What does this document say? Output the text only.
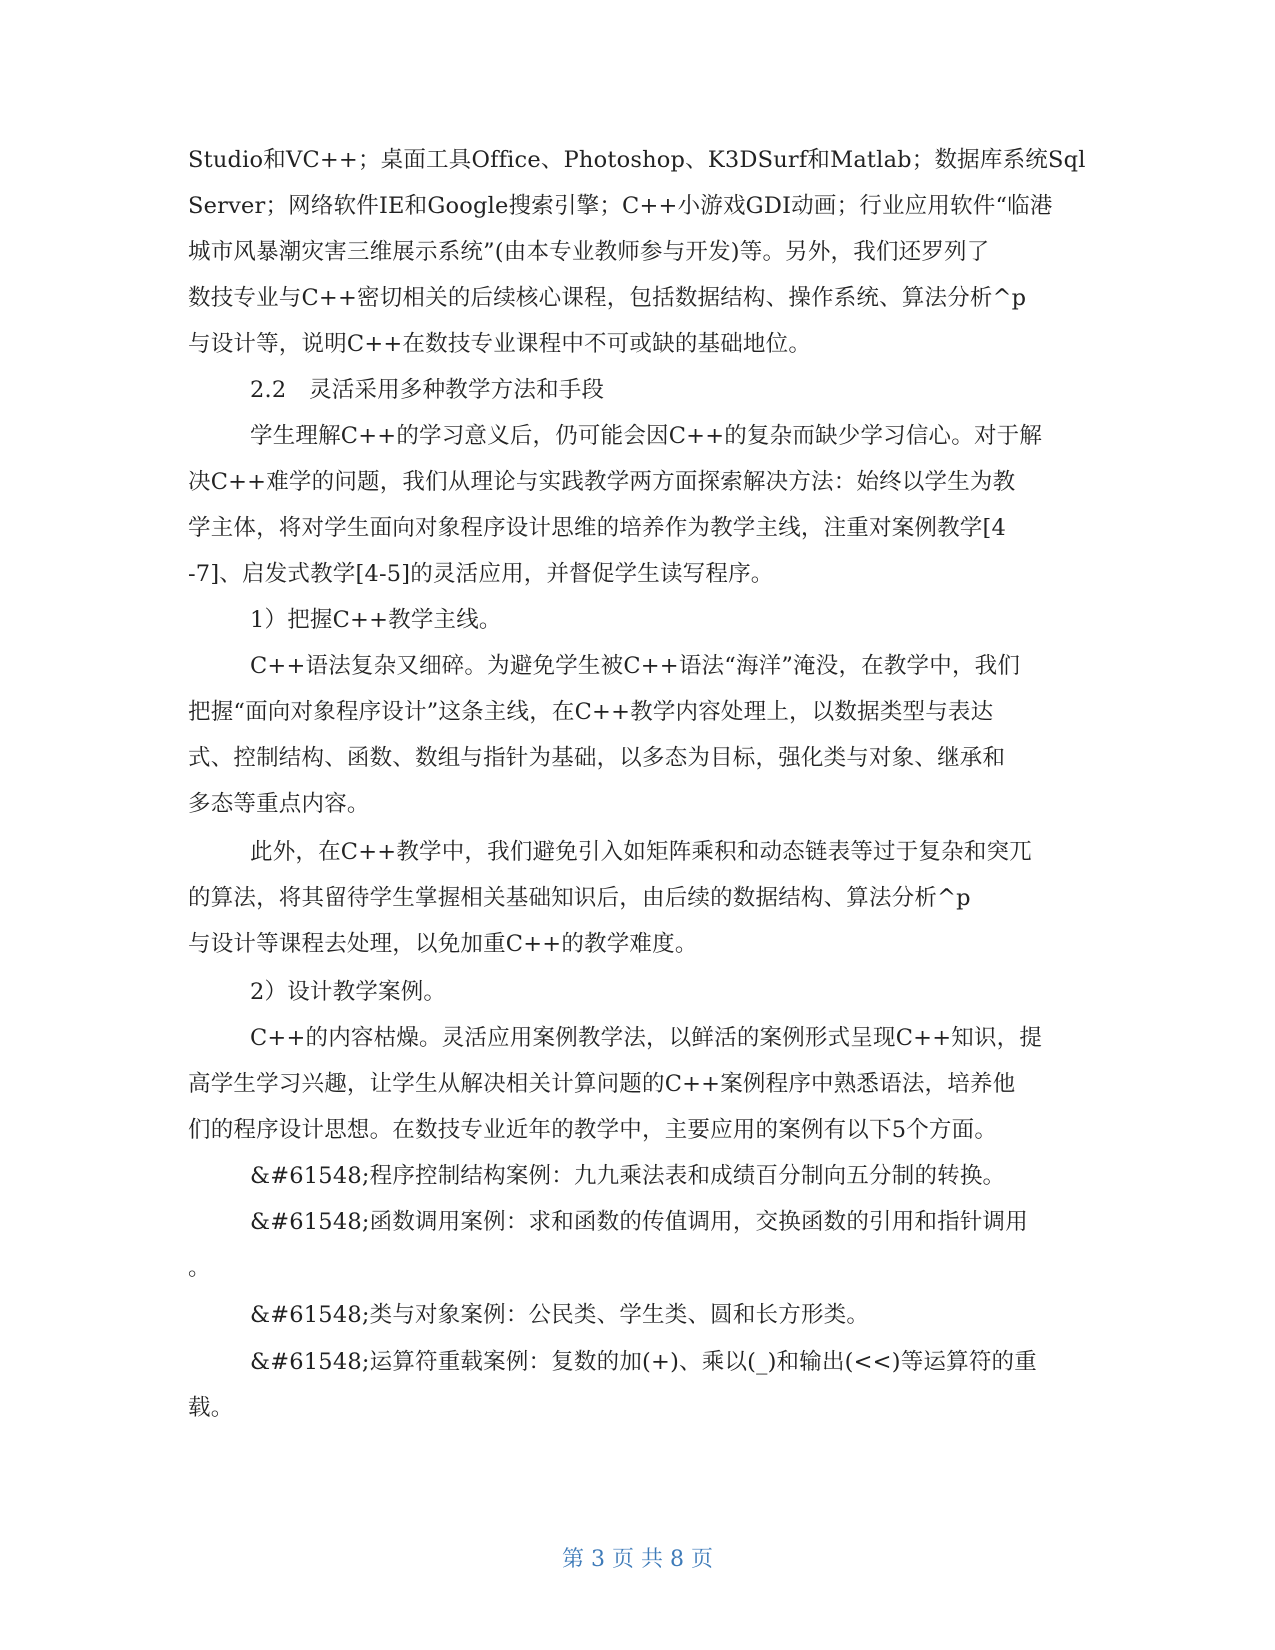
Studio和VC++；桌面工具Office、Photoshop、K3DSurf和Matlab；数据库系统Sql
Server；网络软件IE和Google搜索引擎；C++小游戏GDI动画；行业应用软件“临港
城市风暴潮灾害三维展示系统”(由本专业教师参与开发)等。另外，我们还罗列了
数技专业与C++密切相关的后续核心课程，包括数据结构、操作系统、算法分析^p
与设计等，说明C++在数技专业课程中不可或缺的基础地位。
2.2　灵活采用多种教学方法和手段
学生理解C++的学习意义后，仍可能会因C++的复杂而缺少学习信心。对于解
决C++难学的问题，我们从理论与实践教学两方面探索解决方法：始终以学生为教
学主体，将对学生面向对象程序设计思维的培养作为教学主线，注重对案例教学[4
-7]、启发式教学[4-5]的灵活应用，并督促学生读写程序。
1）把握C++教学主线。
C++语法复杂又细碎。为避免学生被C++语法“海洋”淹没，在教学中，我们
把握“面向对象程序设计”这条主线，在C++教学内容处理上，以数据类型与表达
式、控制结构、函数、数组与指针为基础，以多态为目标，强化类与对象、继承和
多态等重点内容。
此外，在C++教学中，我们避免引入如矩阵乘积和动态链表等过于复杂和突兀
的算法，将其留待学生掌握相关基础知识后，由后续的数据结构、算法分析^p
与设计等课程去处理，以免加重C++的教学难度。
2）设计教学案例。
C++的内容枯燥。灵活应用案例教学法，以鲜活的案例形式呈现C++知识，提
高学生学习兴趣，让学生从解决相关计算问题的C++案例程序中熟悉语法，培养他
们的程序设计思想。在数技专业近年的教学中，主要应用的案例有以下5个方面。
&#61548;程序控制结构案例：九九乘法表和成绩百分制向五分制的转换。
&#61548;函数调用案例：求和函数的传值调用，交换函数的引用和指针调用
。
&#61548;类与对象案例：公民类、学生类、圆和长方形类。
&#61548;运算符重载案例：复数的加(+)、乘以(_)和输出(<<)等运算符的重
载。
第 3 页 共 8 页
